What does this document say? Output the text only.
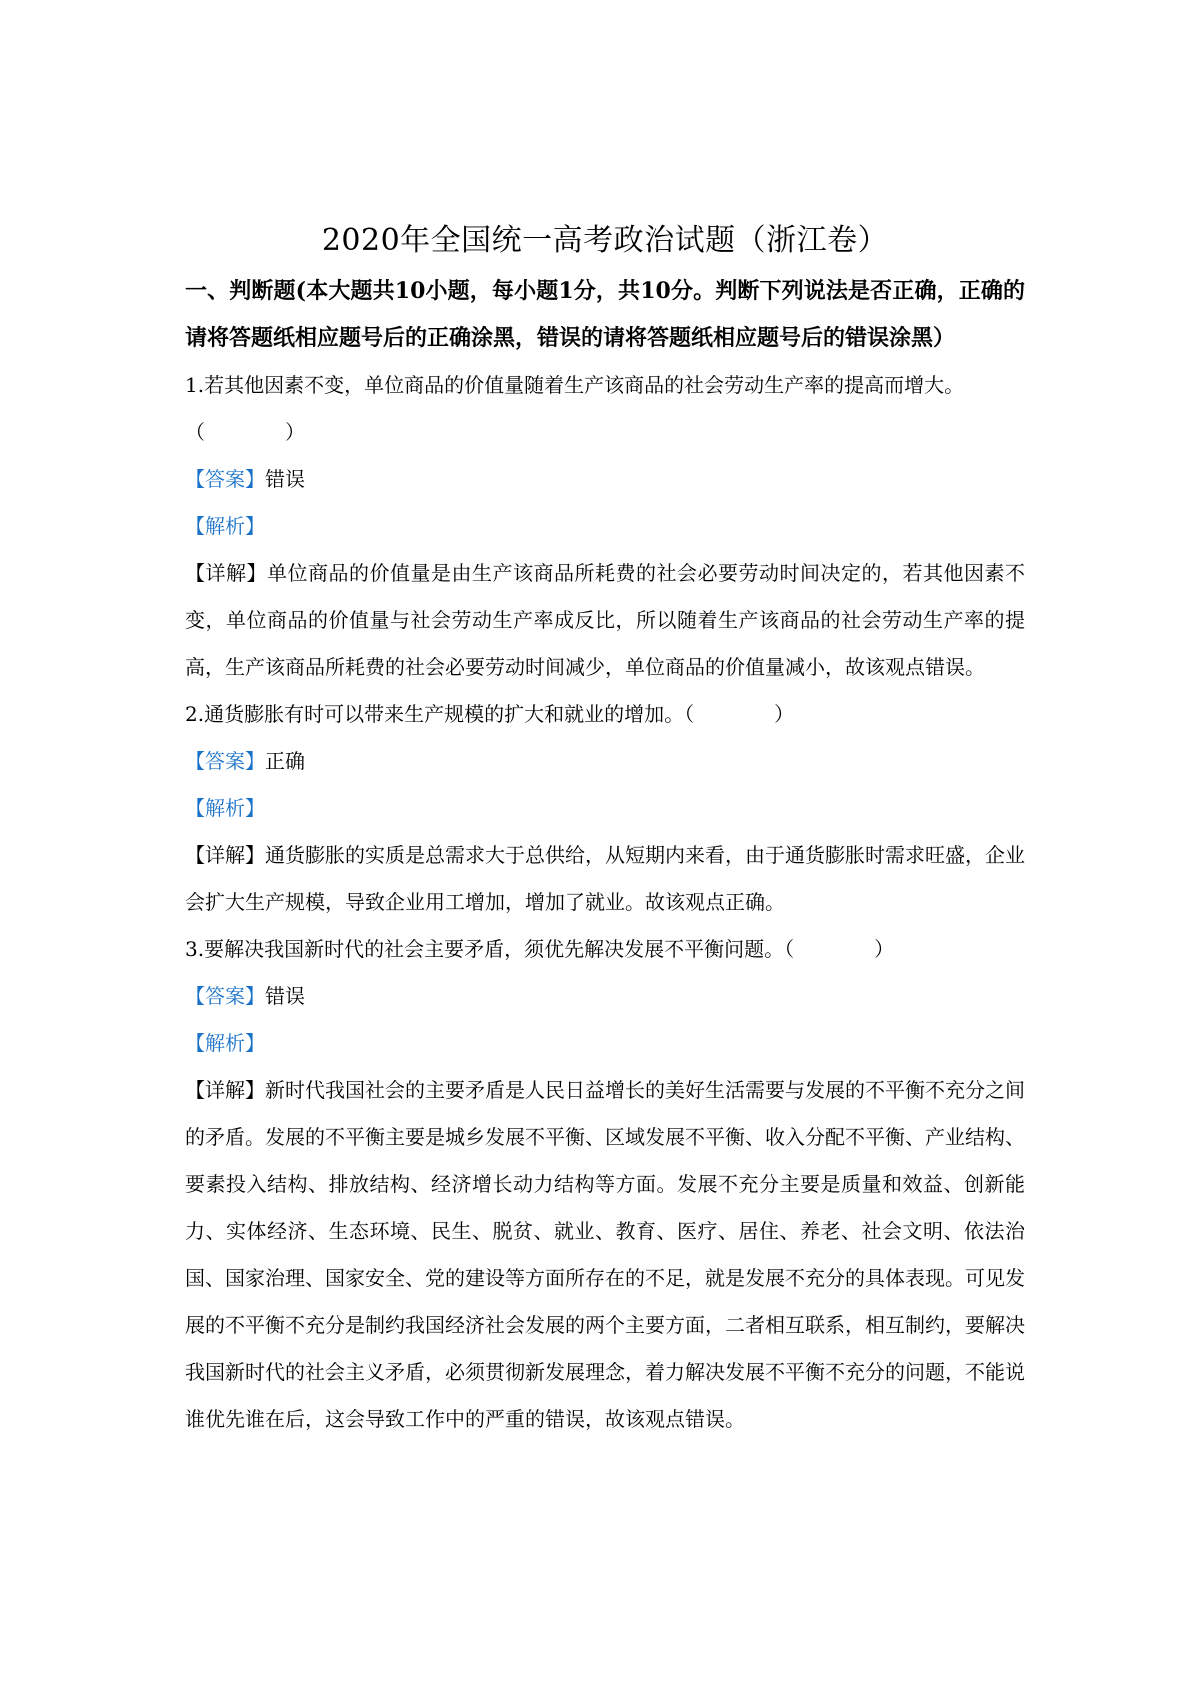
2020年全国统一高考政治试题（浙江卷）

一、判断题(本大题共10小题，每小题1分，共10分。判断下列说法是否正确，正确的请将答题纸相应题号后的正确涂黑，错误的请将答题纸相应题号后的错误涂黑）

1.若其他因素不变，单位商品的价值量随着生产该商品的社会劳动生产率的提高而增大。
（	）

【答案】错误

【解析】

【详解】单位商品的价值量是由生产该商品所耗费的社会必要劳动时间决定的，若其他因素不变，单位商品的价值量与社会劳动生产率成反比，所以随着生产该商品的社会劳动生产率的提高，生产该商品所耗费的社会必要劳动时间减少，单位商品的价值量减小，故该观点错误。

2.通货膨胀有时可以带来生产规模的扩大和就业的增加。（	）

【答案】正确

【解析】

【详解】通货膨胀的实质是总需求大于总供给，从短期内来看，由于通货膨胀时需求旺盛，企业会扩大生产规模，导致企业用工增加，增加了就业。故该观点正确。

3.要解决我国新时代的社会主要矛盾，须优先解决发展不平衡问题。（	）

【答案】错误

【解析】

【详解】新时代我国社会的主要矛盾是人民日益增长的美好生活需要与发展的不平衡不充分之间的矛盾。发展的不平衡主要是城乡发展不平衡、区域发展不平衡、收入分配不平衡、产业结构、要素投入结构、排放结构、经济增长动力结构等方面。发展不充分主要是质量和效益、创新能力、实体经济、生态环境、民生、脱贫、就业、教育、医疗、居住、养老、社会文明、依法治国、国家治理、国家安全、党的建设等方面所存在的不足，就是发展不充分的具体表现。可见发展的不平衡不充分是制约我国经济社会发展的两个主要方面，二者相互联系，相互制约，要解决我国新时代的社会主义矛盾，必须贯彻新发展理念，着力解决发展不平衡不充分的问题，不能说谁优先谁在后，这会导致工作中的严重的错误，故该观点错误。
